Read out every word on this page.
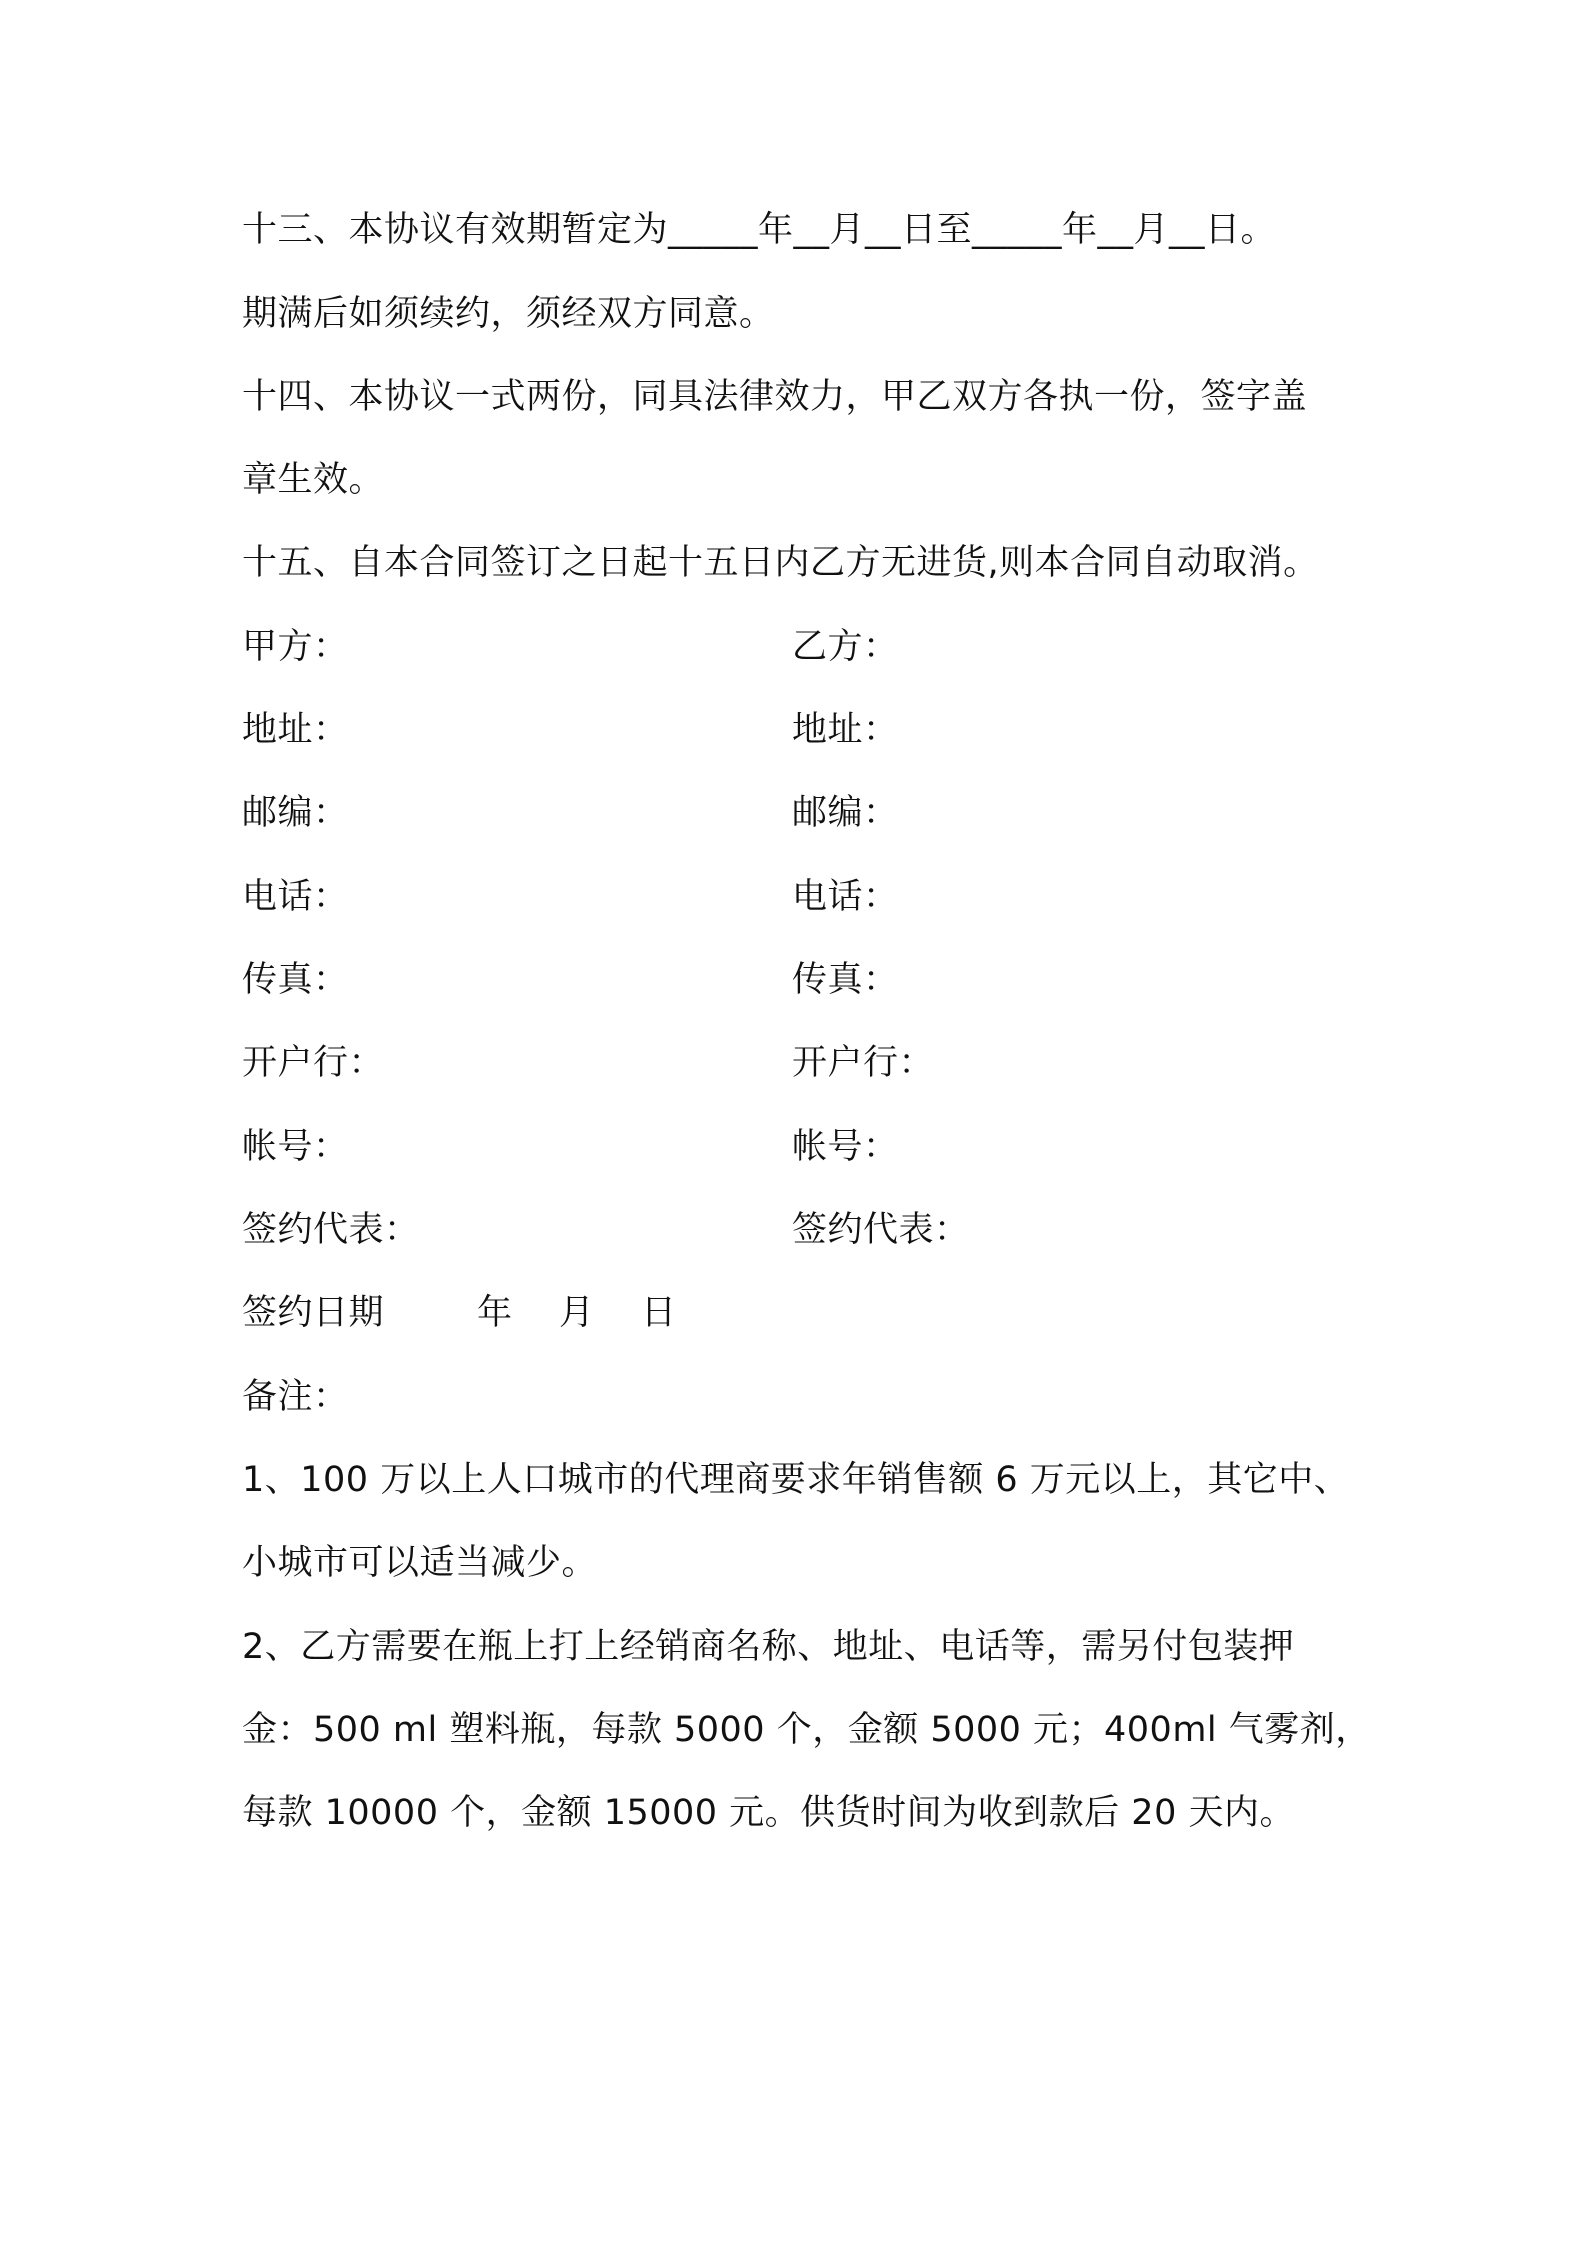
十三、本协议有效期暂定为_____年__月__日至_____年__月__日。
期满后如须续约，须经双方同意。
十四、本协议一式两份，同具法律效力，甲乙双方各执一份，签字盖
章生效。
十五、自本合同签订之日起十五日内乙方无进货,则本合同自动取消。
甲方：	乙方：
地址：	地址：
邮编：	邮编：
电话：	电话：
传真：	传真：
开户行：	开户行：
帐号：	帐号：
签约代表：	签约代表：
签约日期        年    月    日
备注：
1、100 万以上人口城市的代理商要求年销售额 6 万元以上，其它中、
小城市可以适当减少。
2、乙方需要在瓶上打上经销商名称、地址、电话等，需另付包装押
金：500 ml 塑料瓶，每款 5000 个，金额 5000 元；400ml 气雾剂，
每款 10000 个，金额 15000 元。供货时间为收到款后 20 天内。
